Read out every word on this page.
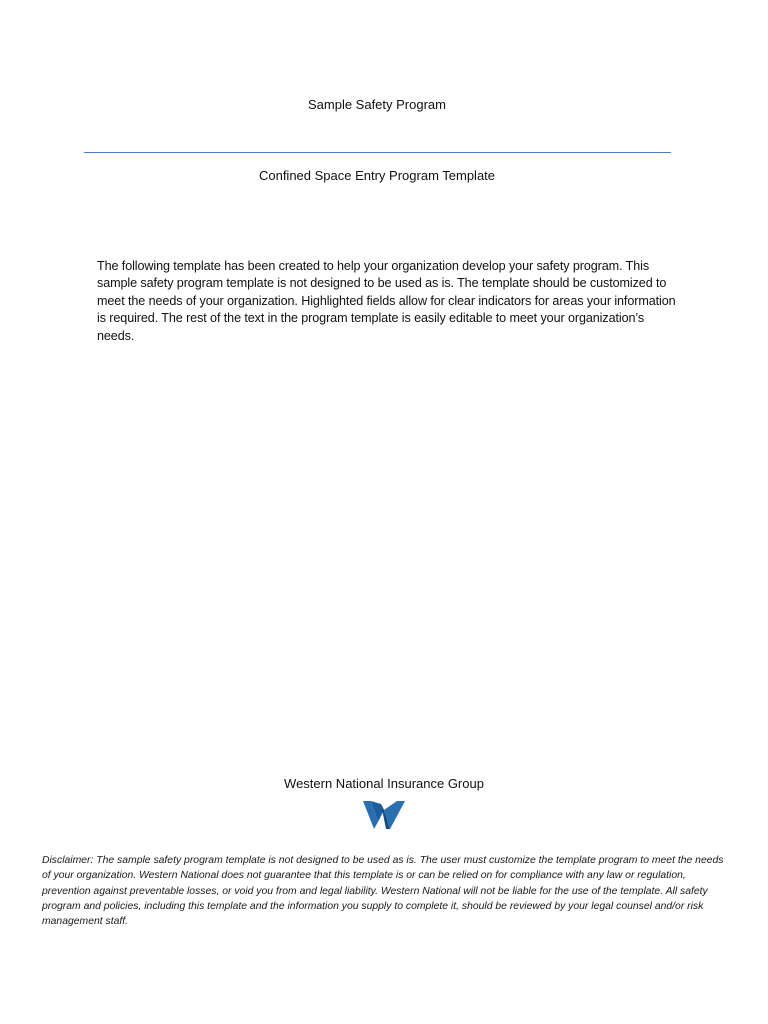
Sample Safety Program
Confined Space Entry Program Template

The following template has been created to help your organization develop your safety program. This sample safety program template is not designed to be used as is. The template should be customized to meet the needs of your organization. Highlighted fields allow for clear indicators for areas your information is required. The rest of the text in the program template is easily editable to meet your organization’s needs.

Western National Insurance Group

Disclaimer: The sample safety program template is not designed to be used as is. The user must customize the template program to meet the needs of your organization. Western National does not guarantee that this template is or can be relied on for compliance with any law or regulation, prevention against preventable losses, or void you from and legal liability. Western National will not be liable for the use of the template. All safety program and policies, including this template and the information you supply to complete it, should be reviewed by your legal counsel and/or risk management staff.
